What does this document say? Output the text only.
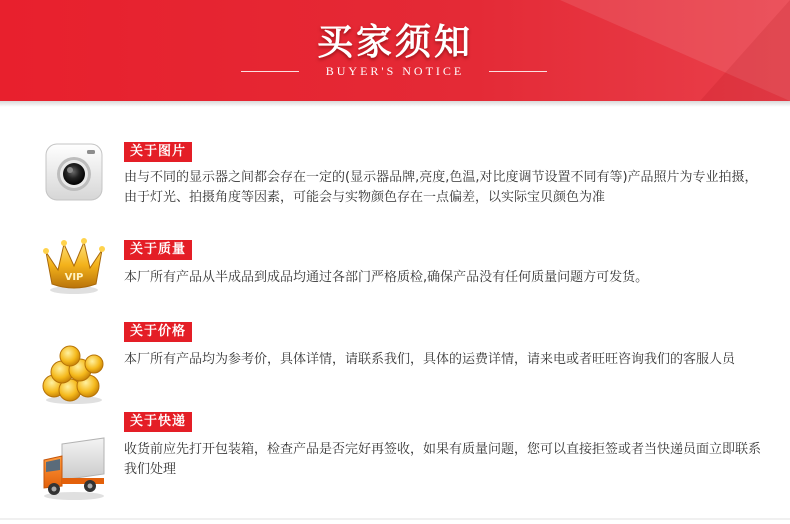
买家须知
BUYER'S NOTICE
关于图片
由与不同的显示器之间都会存在一定的(显示器品牌,亮度,色温,对比度调节设置不同有等)产品照片为专业拍摄，由于灯光、拍摄角度等因素，可能会与实物颜色存在一点偏差，以实际宝贝颜色为准
VIP
关于质量
本厂所有产品从半成品到成品均通过各部门严格质检,确保产品没有任何质量问题方可发货。
关于价格
本厂所有产品均为参考价，具体详情，请联系我们，具体的运费详情，请来电或者旺旺咨询我们的客服人员
关于快递
收货前应先打开包装箱，检查产品是否完好再签收，如果有质量问题，您可以直接拒签或者当快递员面立即联系我们处理
